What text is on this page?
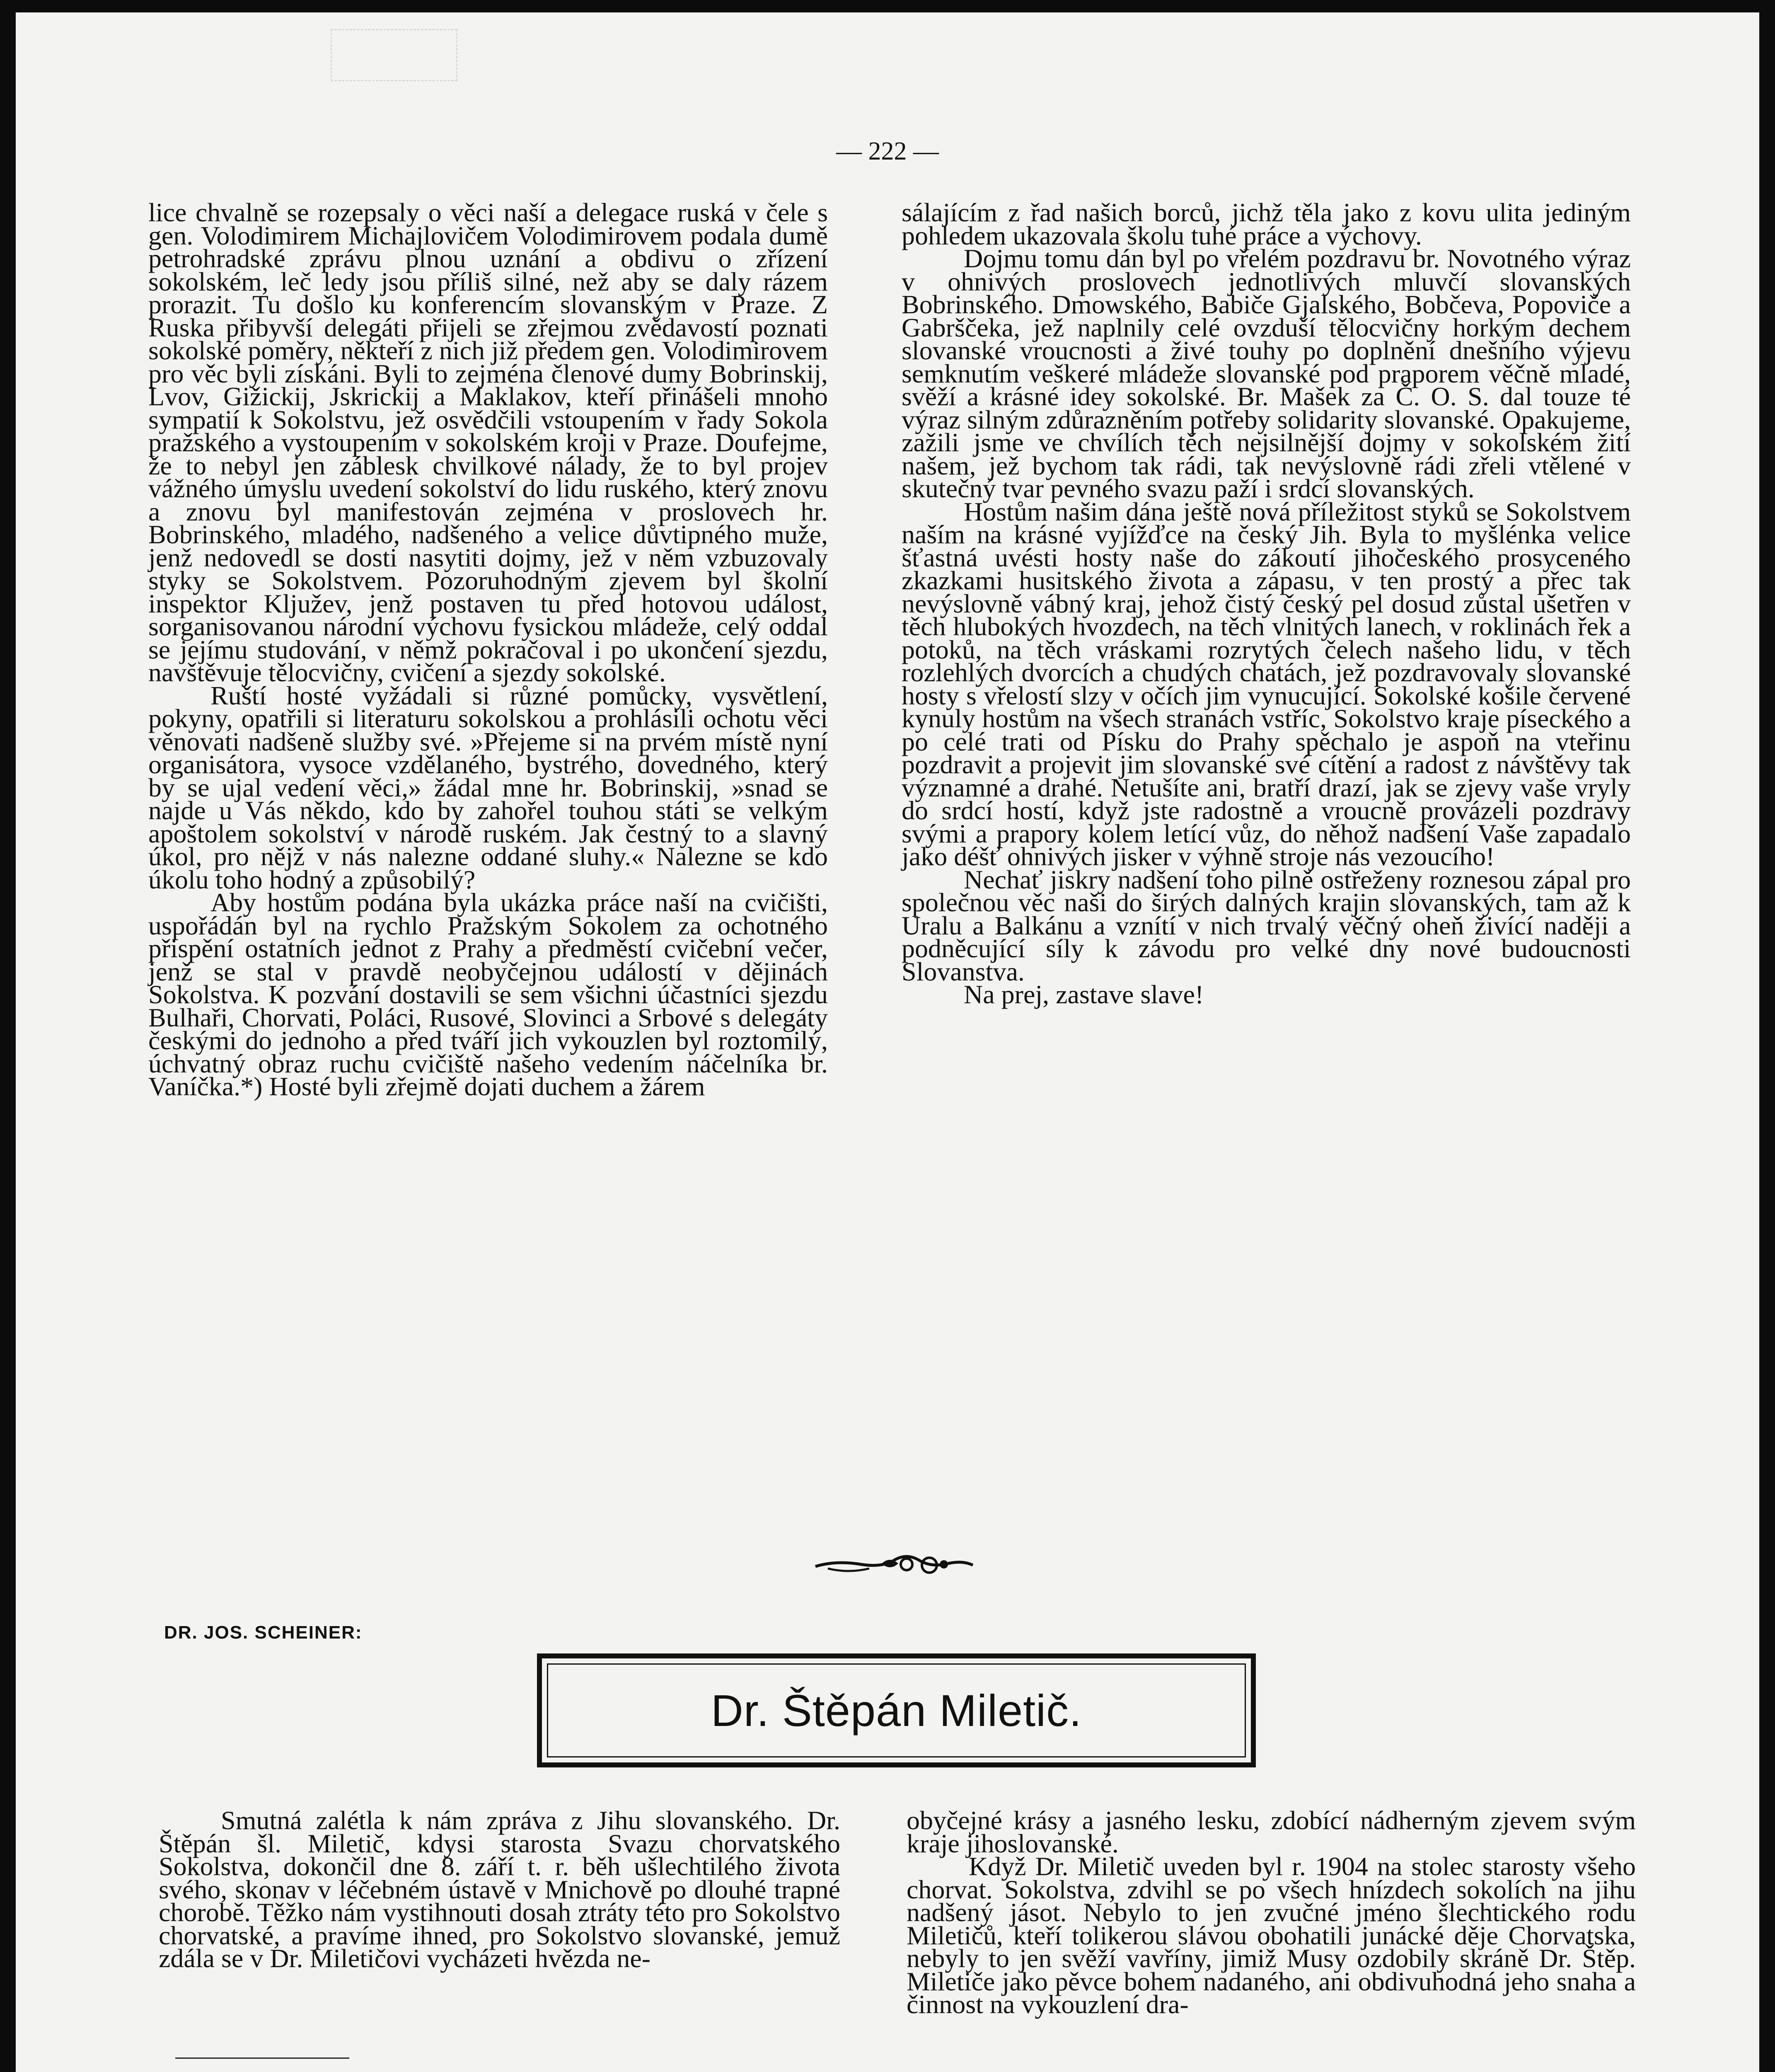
— 222 —

lice chvalně se rozepsaly o věci naší a delegace ruská v čele s gen. Volodimirem Michajlovičem Volodimirovem podala dumě petrohradské zprávu plnou uznání a obdivu o zřízení sokolském, leč ledy jsou příliš silné, než aby se daly rázem prorazit. Tu došlo ku konferencím slovanským v Praze. Z Ruska přibyvší delegáti přijeli se zřejmou zvědavostí poznati sokolské poměry, někteří z nich již předem gen. Volodimirovem pro věc byli získáni. Byli to zejména členové dumy Bobrinskij, Lvov, Gižickij, Jskrickij a Maklakov, kteří přinášeli mnoho sympatií k Sokolstvu, jež osvědčili vstoupením v řady Sokola pražského a vystoupením v sokolském kroji v Praze. Doufejme, že to nebyl jen záblesk chvilkové nálady, že to byl projev vážného úmyslu uvedení sokolství do lidu ruského, který znovu a znovu byl manifestován zejména v proslovech hr. Bobrinského, mladého, nadšeného a velice důvtipného muže, jenž nedovedl se dosti nasytiti dojmy, jež v něm vzbuzovaly styky se Sokolstvem. Pozoruhodným zjevem byl školní inspektor Kljužev, jenž postaven tu před hotovou událost, sorganisovanou národní výchovu fysickou mládeže, celý oddal se jejímu studování, v němž pokračoval i po ukončení sjezdu, navštěvuje tělocvičny, cvičení a sjezdy sokolské.

Ruští hosté vyžádali si různé pomůcky, vysvětlení, pokyny, opatřili si literaturu sokolskou a prohlásili ochotu věci věnovati nadšeně služby své. »Přejeme si na prvém místě nyní organisátora, vysoce vzdělaného, bystrého, dovedného, který by se ujal vedení věci,» žádal mne hr. Bobrinskij, »snad se najde u Vás někdo, kdo by zahořel touhou státi se velkým apoštolem sokolství v národě ruském. Jak čestný to a slavný úkol, pro nějž v nás nalezne oddané sluhy.« Nalezne se kdo úkolu toho hodný a způsobilý?

Aby hostům podána byla ukázka práce naší na cvičišti, uspořádán byl na rychlo Pražským Sokolem za ochotného přispění ostatních jednot z Prahy a předměstí cvičební večer, jenž se stal v pravdě neobyčejnou událostí v dějinách Sokolstva. K pozvání dostavili se sem všichni účastníci sjezdu Bulhaři, Chorvati, Poláci, Rusové, Slovinci a Srbové s delegáty českými do jednoho a před tváří jich vykouzlen byl roztomilý, úchvatný obraz ruchu cvičiště našeho vedením náčelníka br. Vaníčka.*) Hosté byli zřejmě dojati duchem a žárem

sálajícím z řad našich borců, jichž těla jako z kovu ulita jediným pohledem ukazovala školu tuhé práce a výchovy.

Dojmu tomu dán byl po vřelém pozdravu br. Novotného výraz v ohnivých proslovech jednotlivých mluvčí slovanských Bobrinského. Dmowského, Babiče Gjalského, Bobčeva, Popoviče a Gabrščeka, jež naplnily celé ovzduší tělocvičny horkým dechem slovanské vroucnosti a živé touhy po doplnění dnešního výjevu semknutím veškeré mládeže slovanské pod praporem věčně mladé, svěží a krásné idey sokolské. Br. Mašek za Č. O. S. dal touze té výraz silným zdůrazněním potřeby solidarity slovanské. Opakujeme, zažili jsme ve chvílích těch nejsilnější dojmy v sokolském žití našem, jež bychom tak rádi, tak nevýslovně rádi zřeli vtělené v skutečný tvar pevného svazu paží i srdcí slovanských.

Hostům našim dána ještě nová příležitost styků se Sokolstvem naším na krásné vyjížďce na český Jih. Byla to myšlénka velice šťastná uvésti hosty naše do zákoutí jihočeského prosyceného zkazkami husitského života a zápasu, v ten prostý a přec tak nevýslovně vábný kraj, jehož čistý český pel dosud zůstal ušetřen v těch hlubokých hvozdech, na těch vlnitých lanech, v roklinách řek a potoků, na těch vráskami rozrytých čelech našeho lidu, v těch rozlehlých dvorcích a chudých chatách, jež pozdravovaly slovanské hosty s vřelostí slzy v očích jim vynucující. Sokolské košile červené kynuly hostům na všech stranách vstříc, Sokolstvo kraje píseckého a po celé trati od Písku do Prahy spěchalo je aspoň na vteřinu pozdravit a projevit jim slovanské své cítění a radost z návštěvy tak významné a drahé. Netušíte ani, bratří drazí, jak se zjevy vaše vryly do srdcí hostí, když jste radostně a vroucně provázeli pozdravy svými a prapory kolem letící vůz, do něhož nadšení Vaše zapadalo jako déšť ohnivých jisker v výhně stroje nás vezoucího!

Nechať jiskry nadšení toho pilně ostřeženy roznesou zápal pro společnou věc naši do širých dalných krajin slovanských, tam až k Uralu a Balkánu a vznítí v nich trvalý věčný oheň živící naději a podněcující síly k závodu pro velké dny nové budoucnosti Slovanstva.

Na prej, zastave slave!

DR. JOS. SCHEINER:
Dr. Štěpán Miletič.

Smutná zalétla k nám zpráva z Jihu slovanského. Dr. Štěpán šl. Miletič, kdysi starosta Svazu chorvatského Sokolstva, dokončil dne 8. září t. r. běh ušlechtilého života svého, skonav v léčebném ústavě v Mnichově po dlouhé trapné chorobě. Těžko nám vystihnouti dosah ztráty této pro Sokolstvo chorvatské, a pravíme ihned, pro Sokolstvo slovanské, jemuž zdála se v Dr. Miletičovi vycházeti hvězda ne-

obyčejné krásy a jasného lesku, zdobící nádherným zjevem svým kraje jihoslovanské.

Když Dr. Miletič uveden byl r. 1904 na stolec starosty všeho chorvat. Sokolstva, zdvihl se po všech hnízdech sokolích na jihu nadšený jásot. Nebylo to jen zvučné jméno šlechtického rodu Miletičů, kteří tolikerou slávou obohatili junácké děje Chorvatska, nebyly to jen svěží vavříny, jimiž Musy ozdobily skráně Dr. Štěp. Miletiče jako pěvce bohem nadaného, ani obdivuhodná jeho snaha a činnost na vykouzlení dra-
